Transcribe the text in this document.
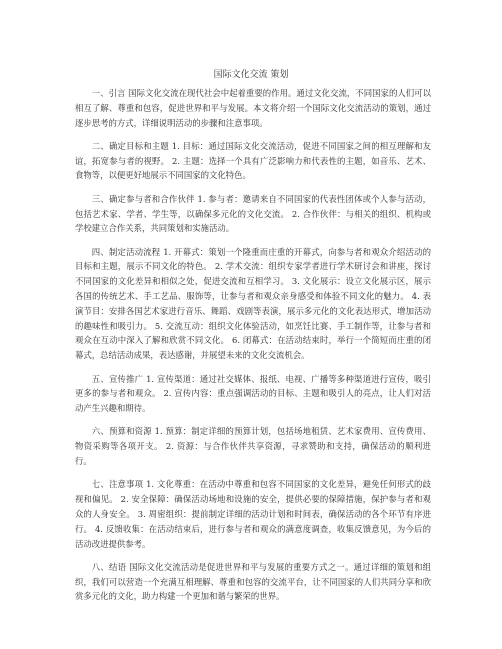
国际文化交流 策划

一、引言 国际文化交流在现代社会中起着重要的作用。通过文化交流，不同国家的人们可以相互了解、尊重和包容，促进世界和平与发展。本文将介绍一个国际文化交流活动的策划，通过逐步思考的方式，详细说明活动的步骤和注意事项。

二、确定目标和主题 1. 目标：通过国际文化交流活动，促进不同国家之间的相互理解和友谊，拓宽参与者的视野。 2. 主题：选择一个具有广泛影响力和代表性的主题，如音乐、艺术、食物等，以便更好地展示不同国家的文化特色。

三、确定参与者和合作伙伴 1. 参与者：邀请来自不同国家的代表性团体或个人参与活动，包括艺术家、学者、学生等，以确保多元化的文化交流。 2. 合作伙伴：与相关的组织、机构或学校建立合作关系，共同策划和实施活动。

四、制定活动流程 1. 开幕式：策划一个隆重而庄重的开幕式，向参与者和观众介绍活动的目标和主题，展示不同文化的特色。 2. 学术交流：组织专家学者进行学术研讨会和讲座，探讨不同国家的文化差异和相似之处，促进交流和互相学习。 3. 文化展示：设立文化展示区，展示各国的传统艺术、手工艺品、服饰等，让参与者和观众亲身感受和体验不同文化的魅力。 4. 表演节目：安排各国艺术家进行音乐、舞蹈、戏剧等表演，展示多元化的文化表达形式，增加活动的趣味性和吸引力。 5. 交流互动：组织文化体验活动，如烹饪比赛、手工制作等，让参与者和观众在互动中深入了解和欣赏不同文化。 6. 闭幕式：在活动结束时，举行一个简短而庄重的闭幕式，总结活动成果，表达感谢，并展望未来的文化交流机会。

五、宣传推广 1. 宣传渠道：通过社交媒体、报纸、电视、广播等多种渠道进行宣传，吸引更多的参与者和观众。 2. 宣传内容：重点强调活动的目标、主题和吸引人的亮点，让人们对活动产生兴趣和期待。

六、预算和资源 1. 预算：制定详细的预算计划，包括场地租赁、艺术家费用、宣传费用、物资采购等各项开支。 2. 资源：与合作伙伴共享资源，寻求赞助和支持，确保活动的顺利进行。

七、注意事项 1. 文化尊重：在活动中尊重和包容不同国家的文化差异，避免任何形式的歧视和偏见。 2. 安全保障：确保活动场地和设施的安全，提供必要的保障措施，保护参与者和观众的人身安全。 3. 周密组织：提前制定详细的活动计划和时间表，确保活动的各个环节有序进行。 4. 反馈收集：在活动结束后，进行参与者和观众的满意度调查，收集反馈意见，为今后的活动改进提供参考。

八、结语 国际文化交流活动是促进世界和平与发展的重要方式之一。通过详细的策划和组织，我们可以营造一个充满互相理解、尊重和包容的交流平台，让不同国家的人们共同分享和欣赏多元化的文化，助力构建一个更加和谐与繁荣的世界。
